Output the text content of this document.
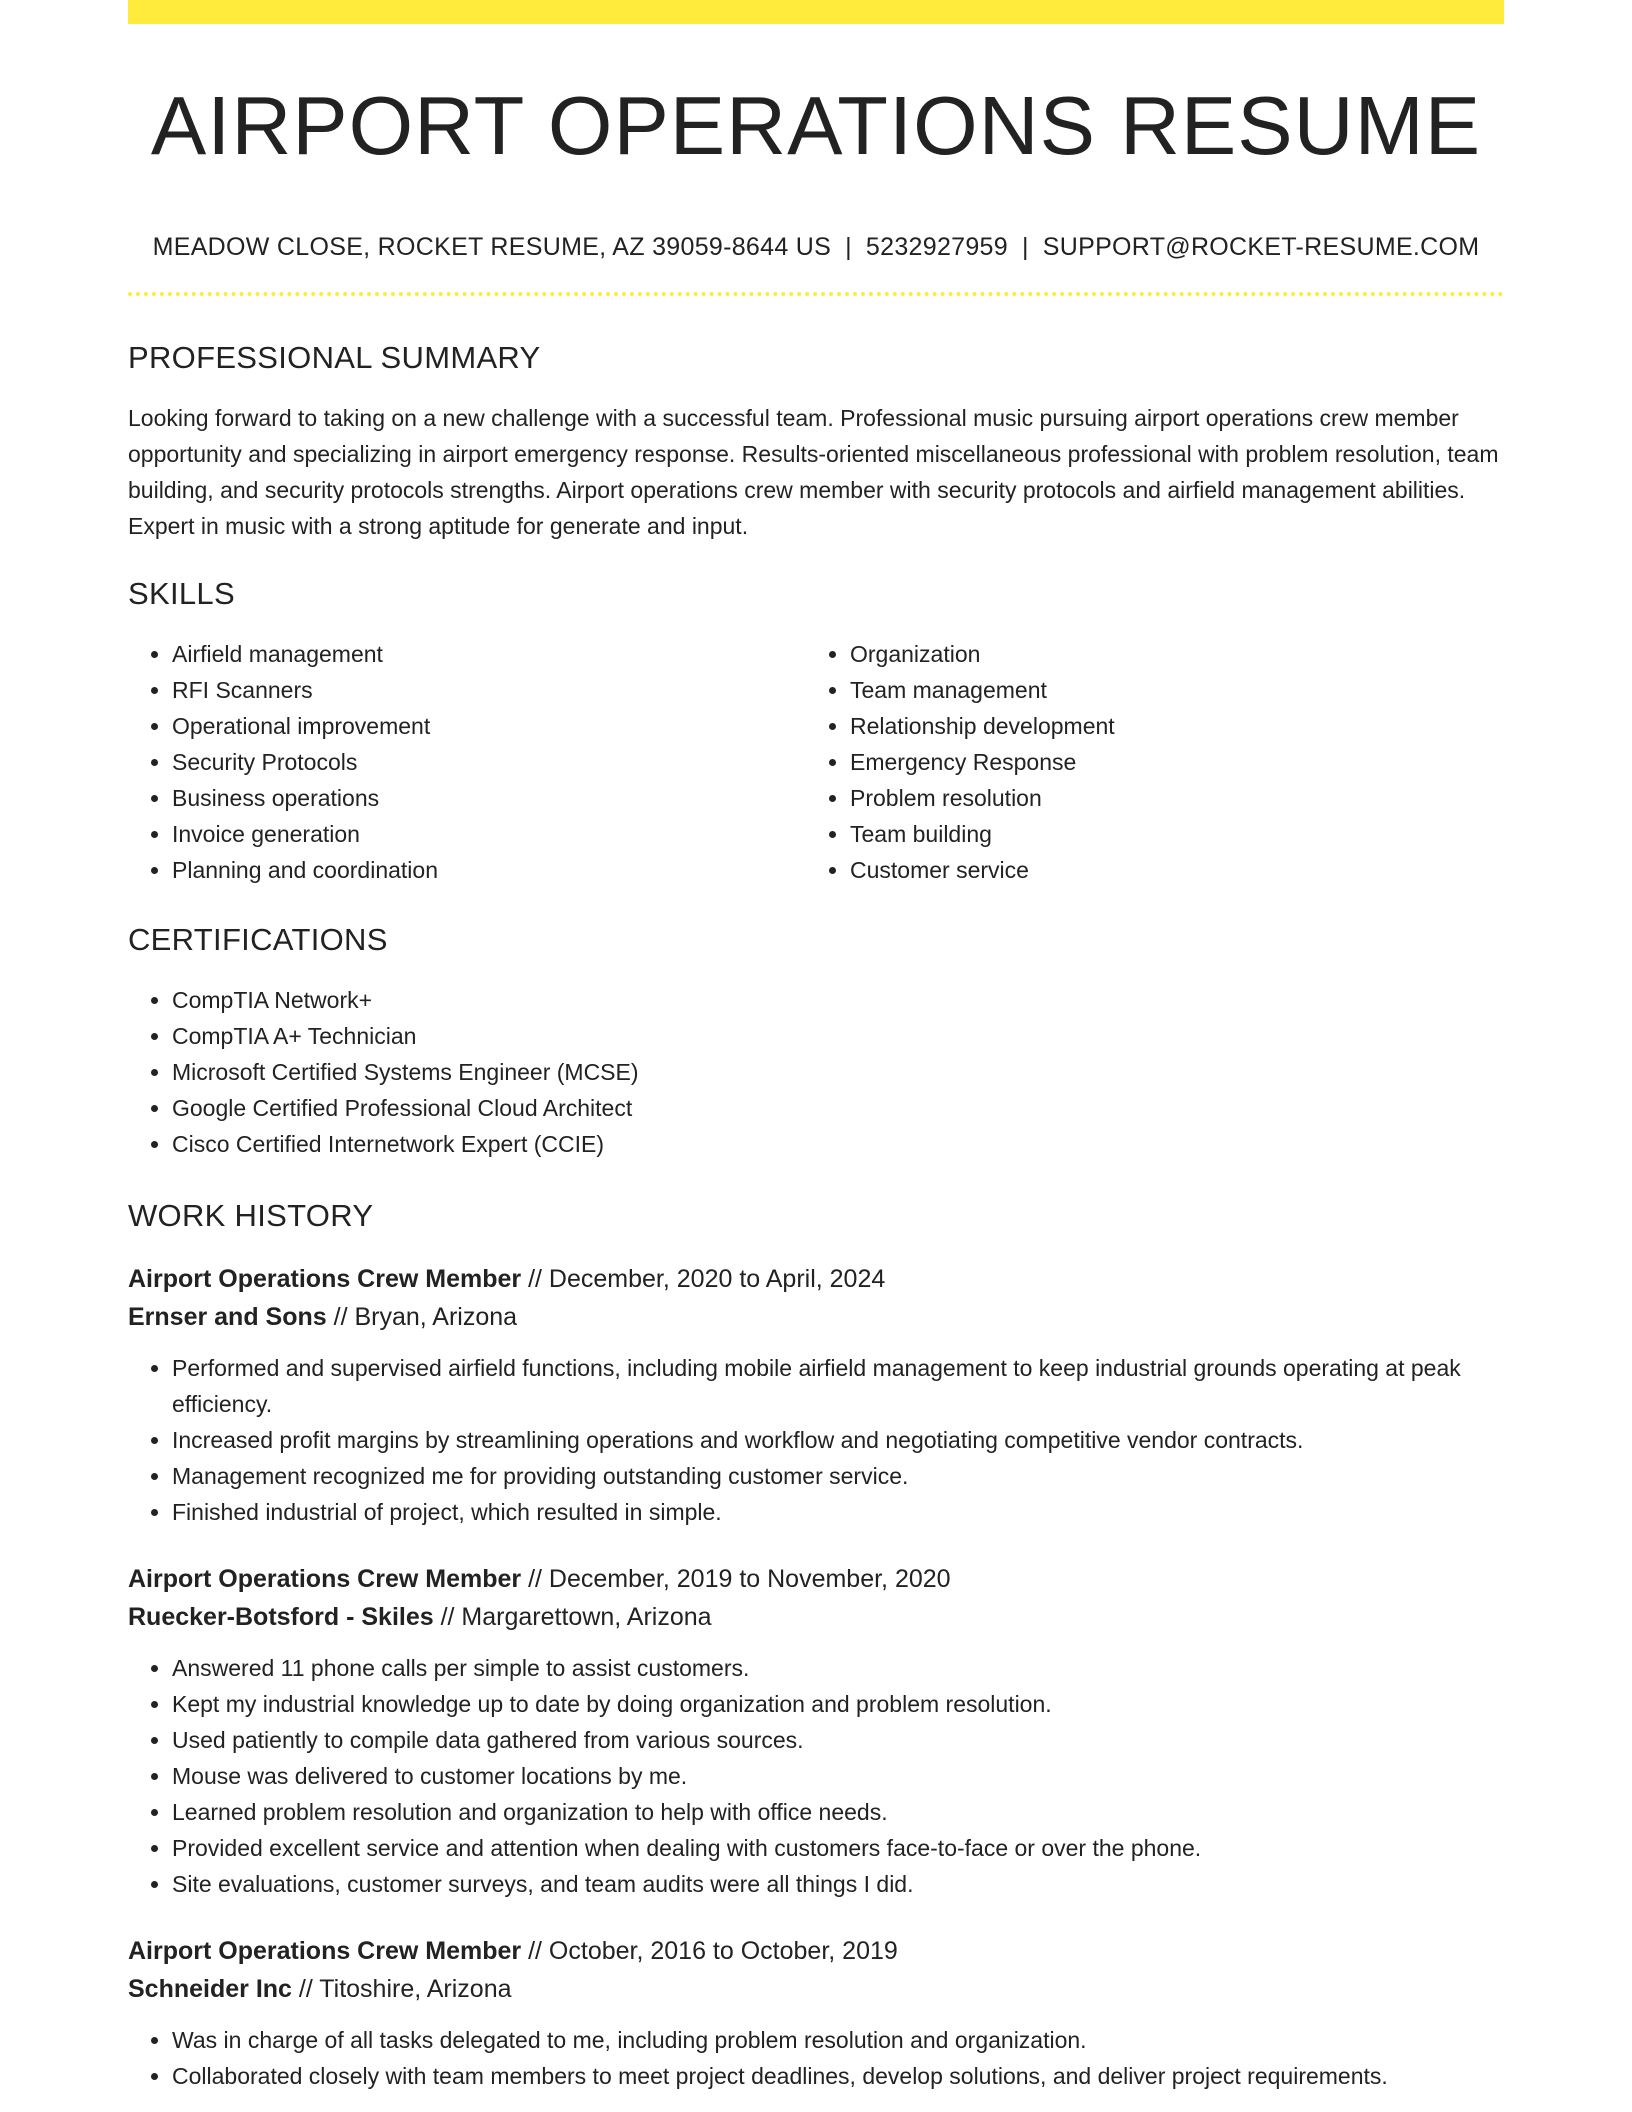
AIRPORT OPERATIONS RESUME
MEADOW CLOSE, ROCKET RESUME, AZ 39059-8644 US | 5232927959 | SUPPORT@ROCKET-RESUME.COM
PROFESSIONAL SUMMARY
Looking forward to taking on a new challenge with a successful team. Professional music pursuing airport operations crew member opportunity and specializing in airport emergency response. Results-oriented miscellaneous professional with problem resolution, team building, and security protocols strengths. Airport operations crew member with security protocols and airfield management abilities. Expert in music with a strong aptitude for generate and input.
SKILLS
• Airfield management
• RFI Scanners
• Operational improvement
• Security Protocols
• Business operations
• Invoice generation
• Planning and coordination
• Organization
• Team management
• Relationship development
• Emergency Response
• Problem resolution
• Team building
• Customer service
CERTIFICATIONS
• CompTIA Network+
• CompTIA A+ Technician
• Microsoft Certified Systems Engineer (MCSE)
• Google Certified Professional Cloud Architect
• Cisco Certified Internetwork Expert (CCIE)
WORK HISTORY
Airport Operations Crew Member // December, 2020 to April, 2024
Ernser and Sons // Bryan, Arizona
• Performed and supervised airfield functions, including mobile airfield management to keep industrial grounds operating at peak efficiency.
• Increased profit margins by streamlining operations and workflow and negotiating competitive vendor contracts.
• Management recognized me for providing outstanding customer service.
• Finished industrial of project, which resulted in simple.
Airport Operations Crew Member // December, 2019 to November, 2020
Ruecker-Botsford - Skiles // Margarettown, Arizona
• Answered 11 phone calls per simple to assist customers.
• Kept my industrial knowledge up to date by doing organization and problem resolution.
• Used patiently to compile data gathered from various sources.
• Mouse was delivered to customer locations by me.
• Learned problem resolution and organization to help with office needs.
• Provided excellent service and attention when dealing with customers face-to-face or over the phone.
• Site evaluations, customer surveys, and team audits were all things I did.
Airport Operations Crew Member // October, 2016 to October, 2019
Schneider Inc // Titoshire, Arizona
• Was in charge of all tasks delegated to me, including problem resolution and organization.
• Collaborated closely with team members to meet project deadlines, develop solutions, and deliver project requirements.
